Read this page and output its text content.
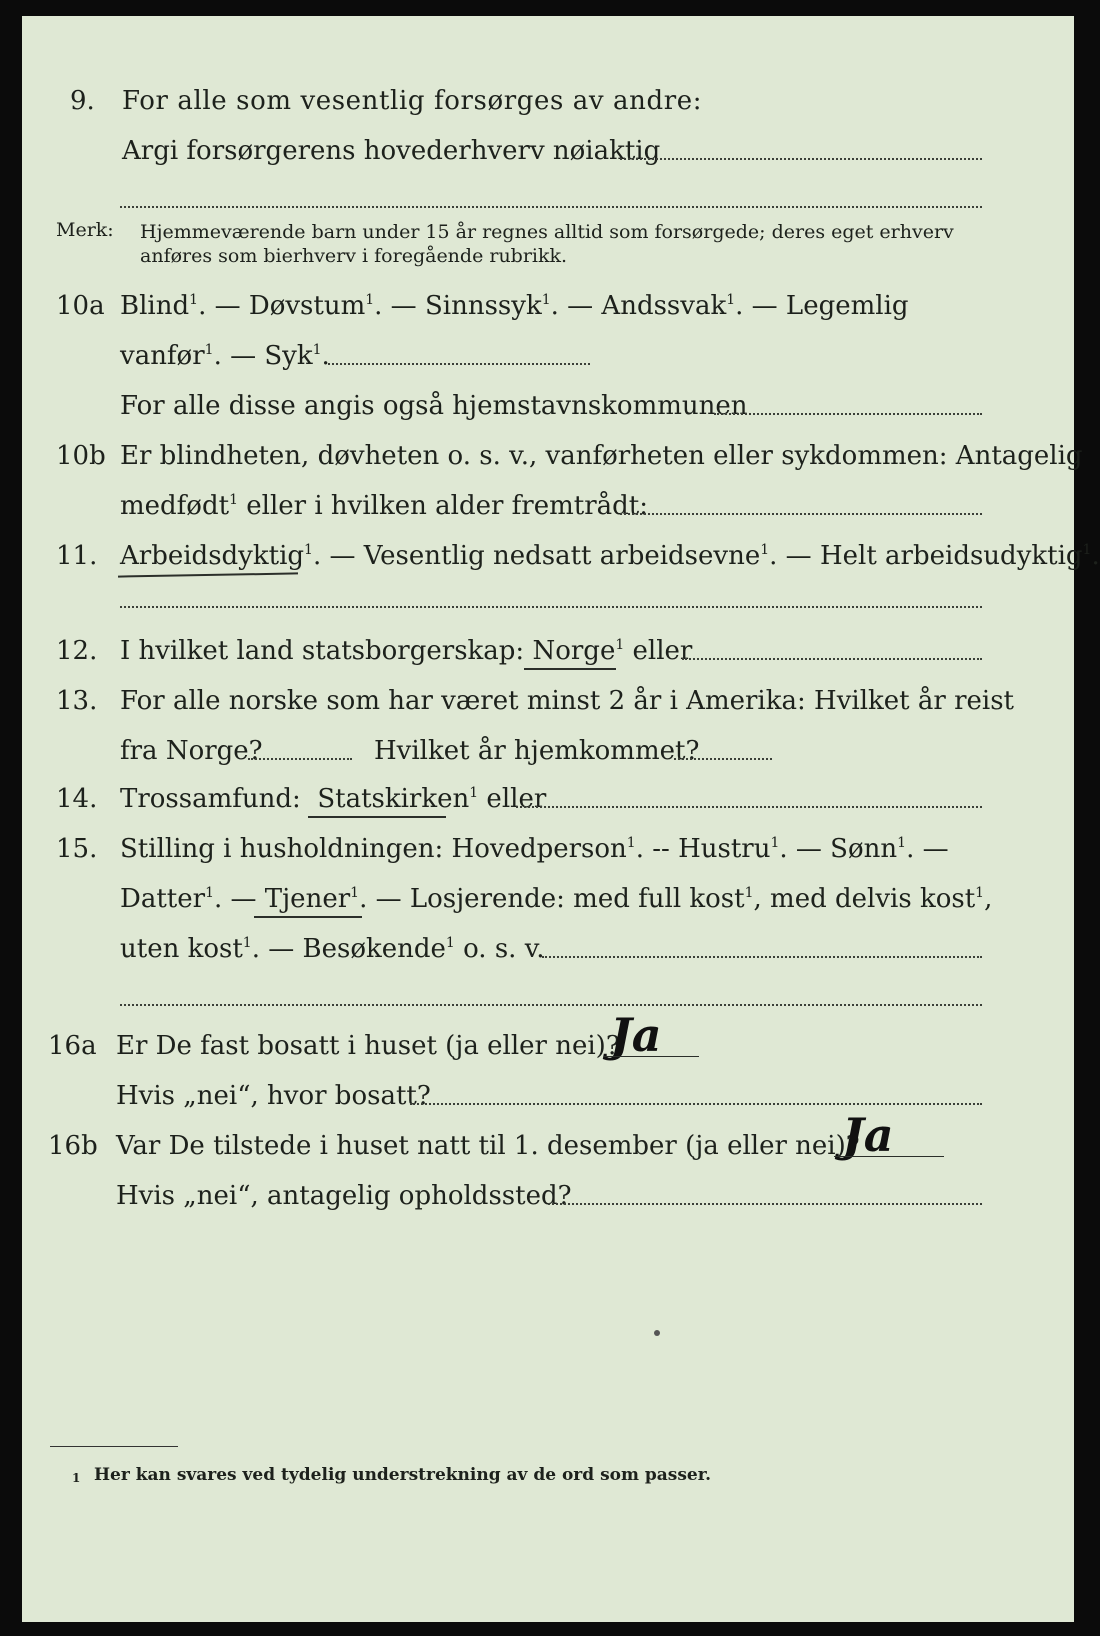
9. For alle som vesentlig forsørges av andre:
Argi forsørgerens hovederhverv nøiaktig
Merk: Hjemmeværende barn under 15 år regnes alltid som forsørgede; deres eget erhverv
anføres som bierhverv i foregående rubrikk.
10a Blind$^1$. — Døvstum$^1$. — Sinnssyk$^1$. — Andssvak$^1$. — Legemlig
vanfør$^1$. — Syk$^1$.
For alle disse angis også hjemstavnskommunen
10b Er blindheten, døvheten o. s. v., vanførheten eller sykdommen: Antagelig
medfødt$^1$ eller i hvilken alder fremtrådt:
11. Arbeidsdyktig$^1$. — Vesentlig nedsatt arbeidsevne$^1$. — Helt arbeidsudyktig$^1$.
12. I hvilket land statsborgerskap: Norge$^1$ eller
13. For alle norske som har været minst 2 år i Amerika: Hvilket år reist
fra Norge?	Hvilket år hjemkommet?
14. Trossamfund: Statskirken$^1$ eller
15. Stilling i husholdningen: Hovedperson$^1$. -- Hustru$^1$. — Sønn$^1$. —
Datter$^1$. — Tjener$^1$. — Losjerende: med full kost$^1$, med delvis kost$^1$,
uten kost$^1$. — Besøkende$^1$ o. s. v.
16a Er De fast bosatt i huset (ja eller nei)?
Ja
Hvis „nei“, hvor bosatt?
16b Var De tilstede i huset natt til 1. desember (ja eller nei)?
Ja
Hvis „nei“, antagelig opholdssted?
1 Her kan svares ved tydelig understrekning av de ord som passer.
